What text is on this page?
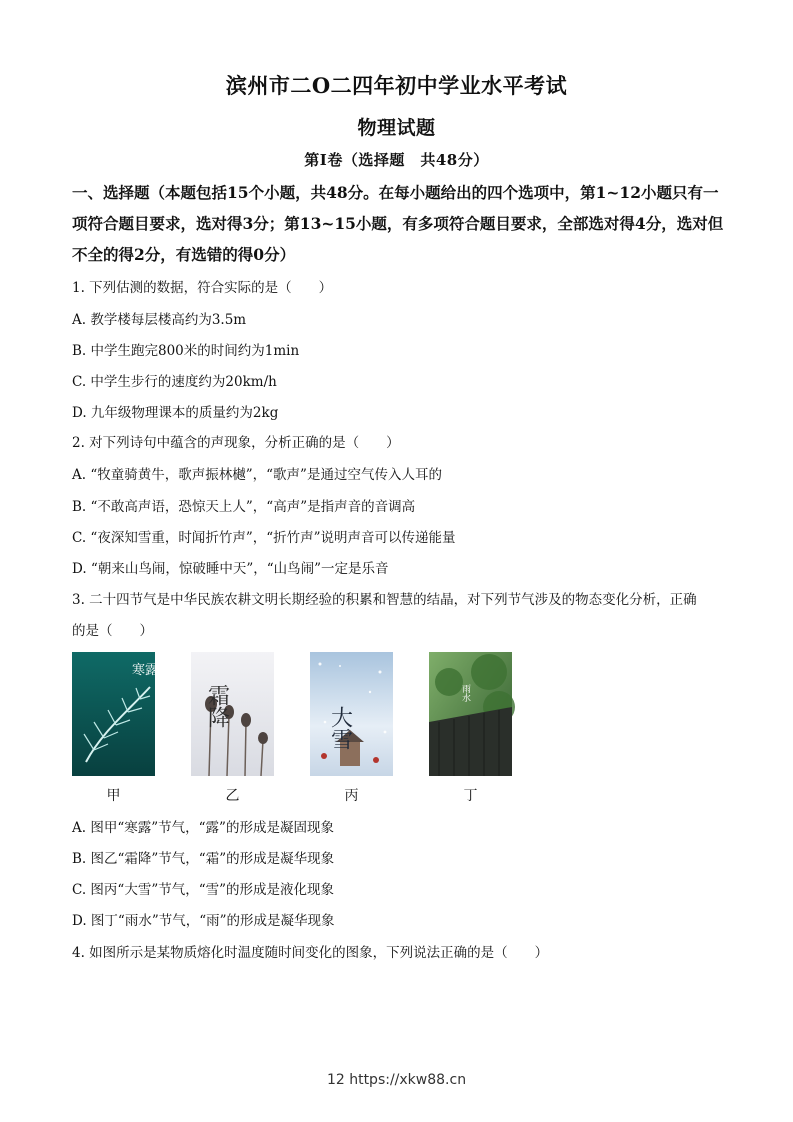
滨州市二O二四年初中学业水平考试
物理试题
第Ⅰ卷（选择题　共48分）
一、选择题（本题包括15个小题，共48分。在每小题给出的四个选项中，第1~12小题只有一项符合题目要求，选对得3分；第13~15小题，有多项符合题目要求，全部选对得4分，选对但不全的得2分，有选错的得0分）
1. 下列估测的数据，符合实际的是（　　）
A. 教学楼每层楼高约为3.5m
B. 中学生跑完800米的时间约为1min
C. 中学生步行的速度约为20km/h
D. 九年级物理课本的质量约为2kg
2. 对下列诗句中蕴含的声现象，分析正确的是（　　）
A. “牧童骑黄牛，歌声振林樾”，“歌声”是通过空气传入人耳的
B. “不敢高声语，恐惊天上人”，“高声”是指声音的音调高
C. “夜深知雪重，时闻折竹声”，“折竹声”说明声音可以传递能量
D. “朝来山鸟闹，惊破睡中天”，“山鸟闹”一定是乐音
3. 二十四节气是中华民族农耕文明长期经验的积累和智慧的结晶，对下列节气涉及的物态变化分析，正确
的是（　　）
寒露
霜降	大雪
雨水
甲	乙	丙	丁
A. 图甲“寒露”节气，“露”的形成是凝固现象
B. 图乙“霜降”节气，“霜”的形成是凝华现象
C. 图丙“大雪”节气，“雪”的形成是液化现象
D. 图丁“雨水”节气，“雨”的形成是凝华现象
4. 如图所示是某物质熔化时温度随时间变化的图象，下列说法正确的是（　　）
12 https://xkw88.cn
